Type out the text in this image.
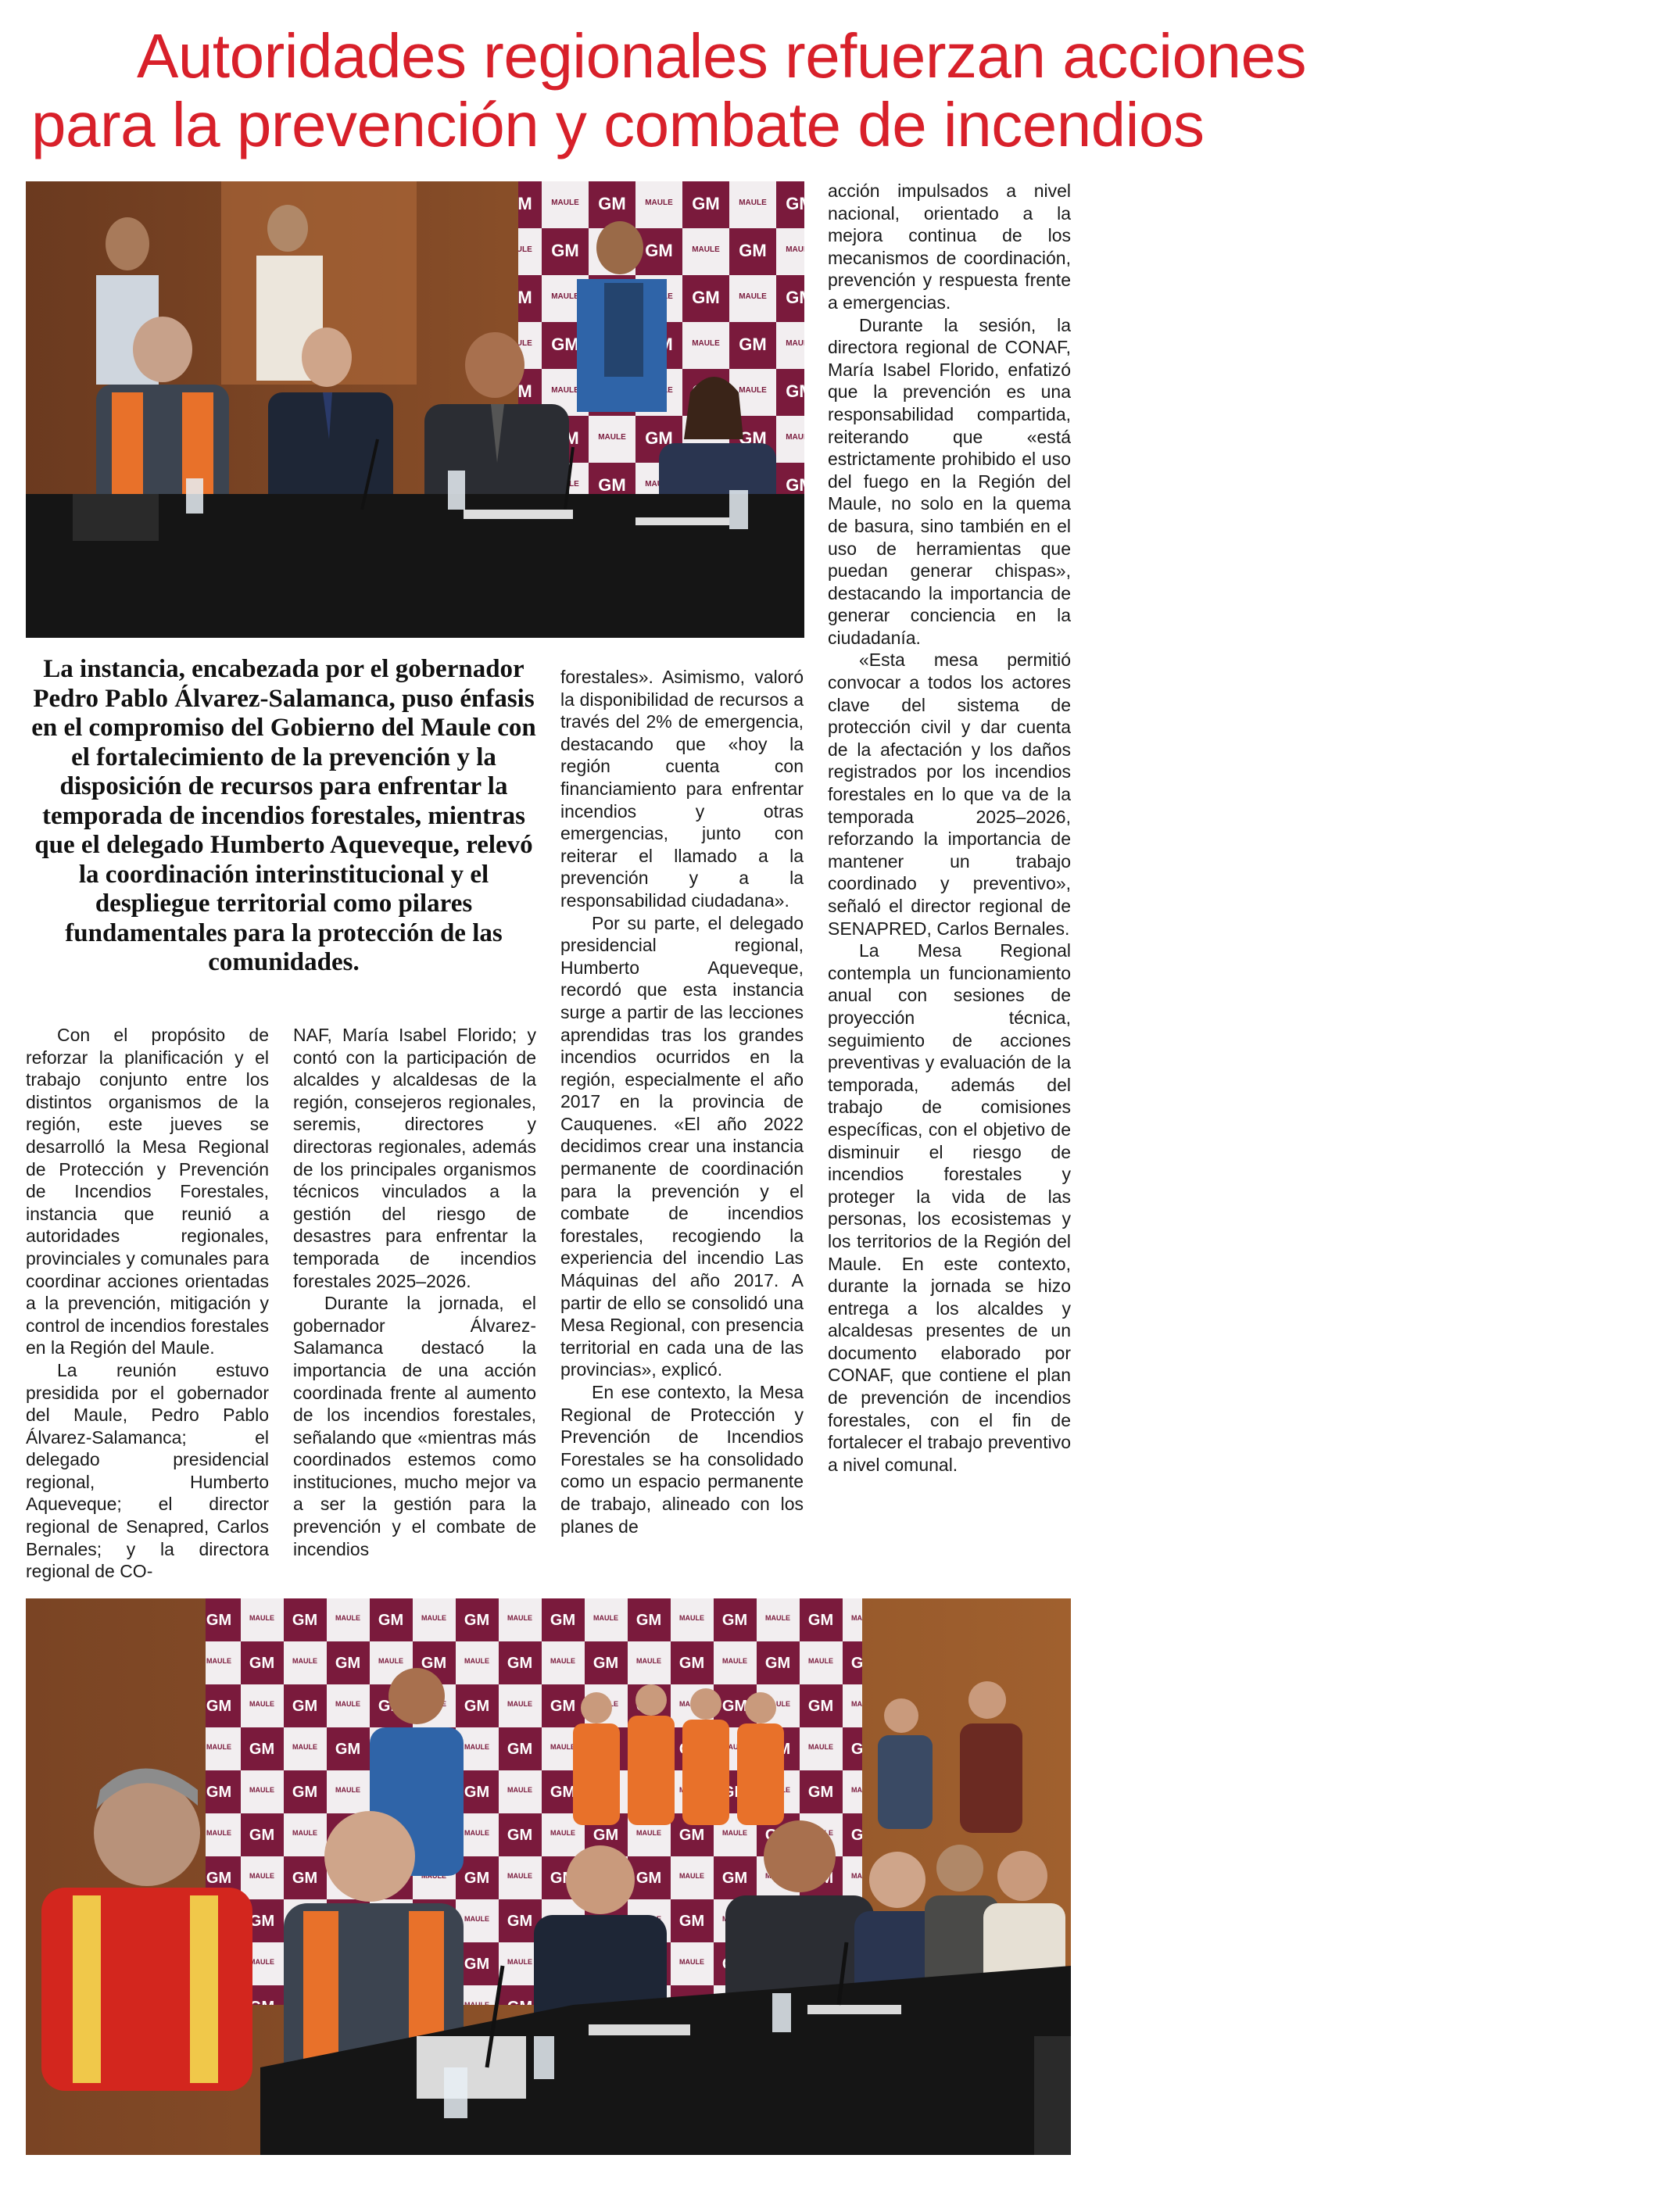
Autoridades regionales refuerzan acciones
para la prevención y combate de incendios
La instancia, encabezada por el gobernador Pedro Pablo Álvarez-Salamanca, puso énfasis en el compromiso del Gobierno del Maule con el fortalecimiento de la prevención y la disposición de recursos para enfrentar la temporada de incendios forestales, mientras que el delegado Humberto Aqueveque, relevó la coordinación interinstitucional y el despliegue territorial como pilares fundamentales para la protección de las comunidades.

Con el propósito de reforzar la planificación y el trabajo conjunto entre los distintos organismos de la región, este jueves se desarrolló la Mesa Regional de Protección y Prevención de Incendios Forestales, instancia que reunió a autoridades regionales, provinciales y comunales para coordinar acciones orientadas a la prevención, mitigación y control de incendios forestales en la Región del Maule.

La reunión estuvo presidida por el gobernador del Maule, Pedro Pablo Álvarez-Salamanca; el delegado presidencial regional, Humberto Aqueveque; el director regional de Senapred, Carlos Bernales; y la directora regional de CO-

NAF, María Isabel Florido; y contó con la participación de alcaldes y alcaldesas de la región, consejeros regionales, seremis, directores y directoras regionales, además de los principales organismos técnicos vinculados a la gestión del riesgo de desastres para enfrentar la temporada de incendios forestales 2025–2026.

Durante la jornada, el gobernador Álvarez-Salamanca destacó la importancia de una acción coordinada frente al aumento de los incendios forestales, señalando que «mientras más coordinados estemos como instituciones, mucho mejor va a ser la gestión para la prevención y el combate de incendios

forestales». Asimismo, valoró la disponibilidad de recursos a través del 2% de emergencia, destacando que «hoy la región cuenta con financiamiento para enfrentar incendios y otras emergencias, junto con reiterar el llamado a la prevención y a la responsabilidad ciudadana».

Por su parte, el delegado presidencial regional, Humberto Aqueveque, recordó que esta instancia surge a partir de las lecciones aprendidas tras los grandes incendios ocurridos en la región, especialmente el año 2017 en la provincia de Cauquenes. «El año 2022 decidimos crear una instancia permanente de coordinación para la prevención y el combate de incendios forestales, recogiendo la experiencia del incendio Las Máquinas del año 2017. A partir de ello se consolidó una Mesa Regional, con presencia territorial en cada una de las provincias», explicó.

En ese contexto, la Mesa Regional de Protección y Prevención de Incendios Forestales se ha consolidado como un espacio permanente de trabajo, alineado con los planes de

acción impulsados a nivel nacional, orientado a la mejora continua de los mecanismos de coordinación, prevención y respuesta frente a emergencias.

Durante la sesión, la directora regional de CONAF, María Isabel Florido, enfatizó que la prevención es una responsabilidad compartida, reiterando que «está estrictamente prohibido el uso del fuego en la Región del Maule, no solo en la quema de basura, sino también en el uso de herramientas que puedan generar chispas», destacando la importancia de generar conciencia en la ciudadanía.

«Esta mesa permitió convocar a todos los actores clave del sistema de protección civil y dar cuenta de la afectación y los daños registrados por los incendios forestales en lo que va de la temporada 2025–2026, reforzando la importancia de mantener un trabajo coordinado y preventivo», señaló el director regional de SENAPRED, Carlos Bernales.

La Mesa Regional contempla un funcionamiento anual con sesiones de proyección técnica, seguimiento de acciones preventivas y evaluación de la temporada, además del trabajo de comisiones específicas, con el objetivo de disminuir el riesgo de incendios forestales y proteger la vida de las personas, los ecosistemas y los territorios de la Región del Maule. En este contexto, durante la jornada se hizo entrega a los alcaldes y alcaldesas presentes de un documento elaborado por CONAF, que contiene el plan de prevención de incendios forestales, con el fin de fortalecer el trabajo preventivo a nivel comunal.
